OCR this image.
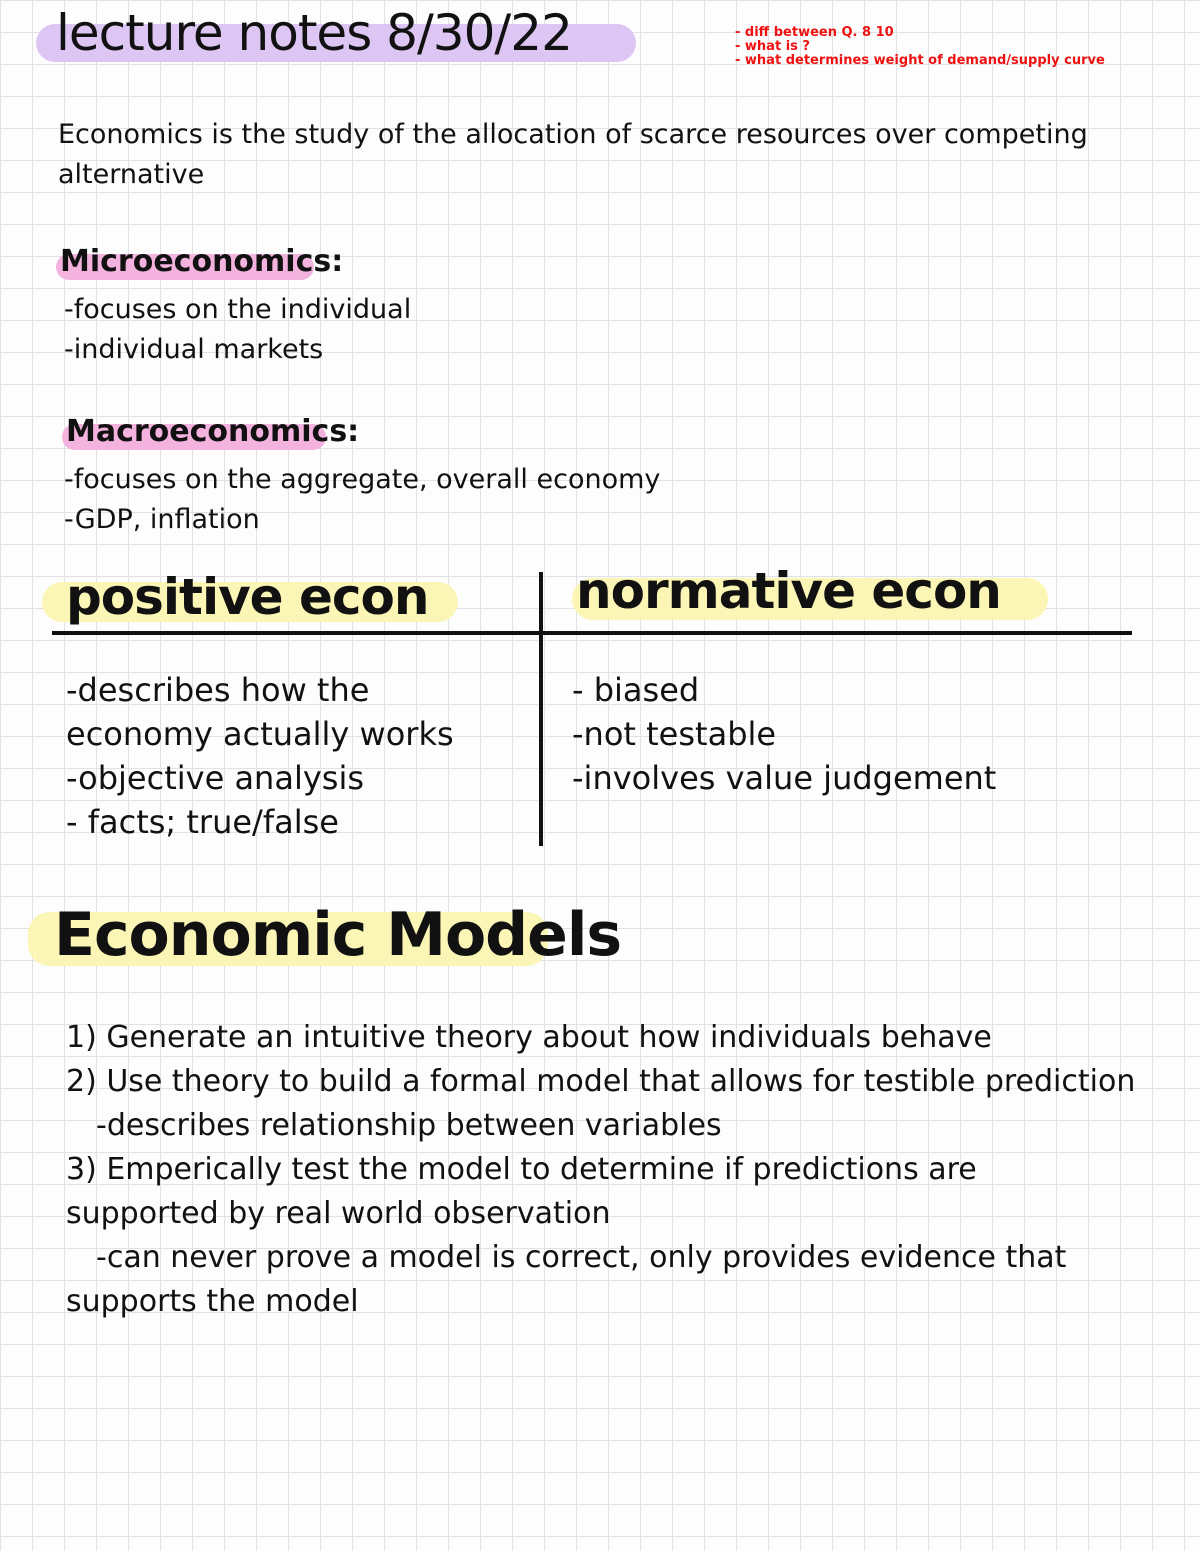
lecture notes 8/30/22	- diff between Q. 8 10
- what is ?
- what determines weight of demand/supply curve
Economics is the study of the allocation of scarce resources over competing
alternative
Microeconomics:
-focuses on the individual
-individual markets
Macroeconomics:
-focuses on the aggregate, overall economy
-GDP, inflation
positive econ	normative econ
-describes how the
economy actually works
-objective analysis
- facts; true/false
- biased
-not testable
-involves value judgement
Economic Models
1) Generate an intuitive theory about how individuals behave
2) Use theory to build a formal model that allows for testible prediction
-describes relationship between variables
3) Emperically test the model to determine if predictions are
supported by real world observation
-can never prove a model is correct, only provides evidence that
supports the model
